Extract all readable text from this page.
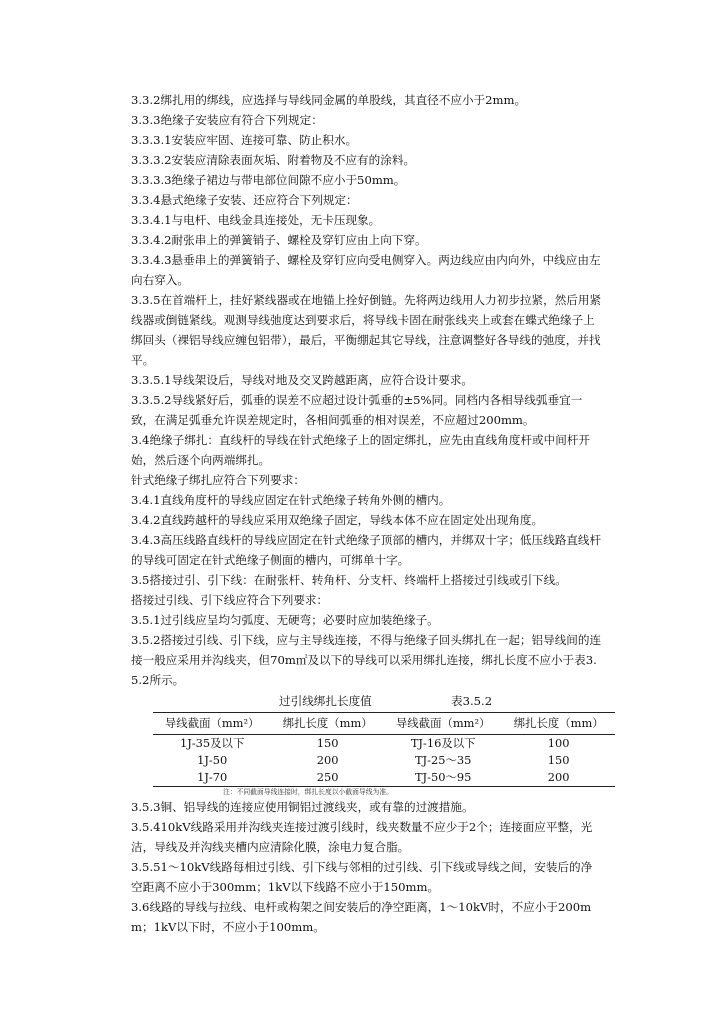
3.3.2绑扎用的绑线，应选择与导线同金属的单股线，其直径不应小于2mm。

3.3.3绝缘子安装应有符合下列规定：

3.3.3.1安装应牢固、连接可靠、防止积水。

3.3.3.2安装应清除表面灰垢、附着物及不应有的涂料。

3.3.3.3绝缘子裙边与带电部位间隙不应小于50mm。

3.3.4悬式绝缘子安装、还应符合下列规定：

3.3.4.1与电杆、电线金具连接处，无卡压现象。

3.3.4.2耐张串上的弹簧销子、螺栓及穿钉应由上向下穿。

3.3.4.3悬垂串上的弹簧销子、螺栓及穿钉应向受电侧穿入。两边线应由内向外，中线应由左向右穿入。

3.3.5在首端杆上，挂好紧线器或在地锚上拴好倒链。先将两边线用人力初步拉紧，然后用紧线器或倒链紧线。观测导线弛度达到要求后，将导线卡固在耐张线夹上或套在蝶式绝缘子上绑回头（裸铝导线应缠包铝带），最后，平衡绷起其它导线，注意调整好各导线的弛度，并找平。

3.3.5.1导线架设后，导线对地及交叉跨越距离，应符合设计要求。

3.3.5.2导线紧好后，弧垂的误差不应超过设计弧垂的±5%同。同档内各相导线弧垂宜一致，在满足弧垂允许误差规定时，各相间弧垂的相对误差，不应超过200mm。

3.4绝缘子绑扎：直线杆的导线在针式绝缘子上的固定绑扎，应先由直线角度杆或中间杆开始，然后逐个向两端绑扎。

针式绝缘子绑扎应符合下列要求：

3.4.1直线角度杆的导线应固定在针式绝缘子转角外侧的槽内。

3.4.2直线跨越杆的导线应采用双绝缘子固定，导线本体不应在固定处出现角度。

3.4.3高压线路直线杆的导线应固定在针式绝缘子顶部的槽内，并绑双十字；低压线路直线杆的导线可固定在针式绝缘子侧面的槽内，可绑单十字。

3.5搭接过引、引下线：在耐张杆、转角杆、分支杆、终端杆上搭接过引线或引下线。

搭接过引线、引下线应符合下列要求：

3.5.1过引线应呈均匀弧度、无硬弯；必要时应加装绝缘子。

3.5.2搭接过引线、引下线，应与主导线连接，不得与绝缘子回头绑扎在一起；铝导线间的连接一般应采用并沟线夹，但70m㎡及以下的导线可以采用绑扎连接，绑扎长度不应小于表3.5.2所示。

过引线绑扎长度值	表3.5.2
导线截面（mm²）	绑扎长度（mm）	导线截面（mm²）	绑扎长度（mm）
1J-35及以下	150	TJ-16及以下	100
1J-50	200	TJ-25～35	150
1J-70	250	TJ-50～95	200
注：不同截面导线连接时，绑扎长度以小截面导线为准。

3.5.3铜、铝导线的连接应使用铜铝过渡线夹，或有靠的过渡措施。

3.5.410kV线路采用并沟线夹连接过渡引线时，线夹数量不应少于2个；连接面应平整，光洁，导线及并沟线夹槽内应清除化膜，涂电力复合脂。

3.5.51～10kV线路每相过引线、引下线与邻相的过引线、引下线或导线之间，安装后的净空距离不应小于300mm；1kV以下线路不应小于150mm。

3.6线路的导线与拉线、电杆或构架之间安装后的净空距离，1～10kV时，不应小于200mm；1kV以下时，不应小于100mm。
